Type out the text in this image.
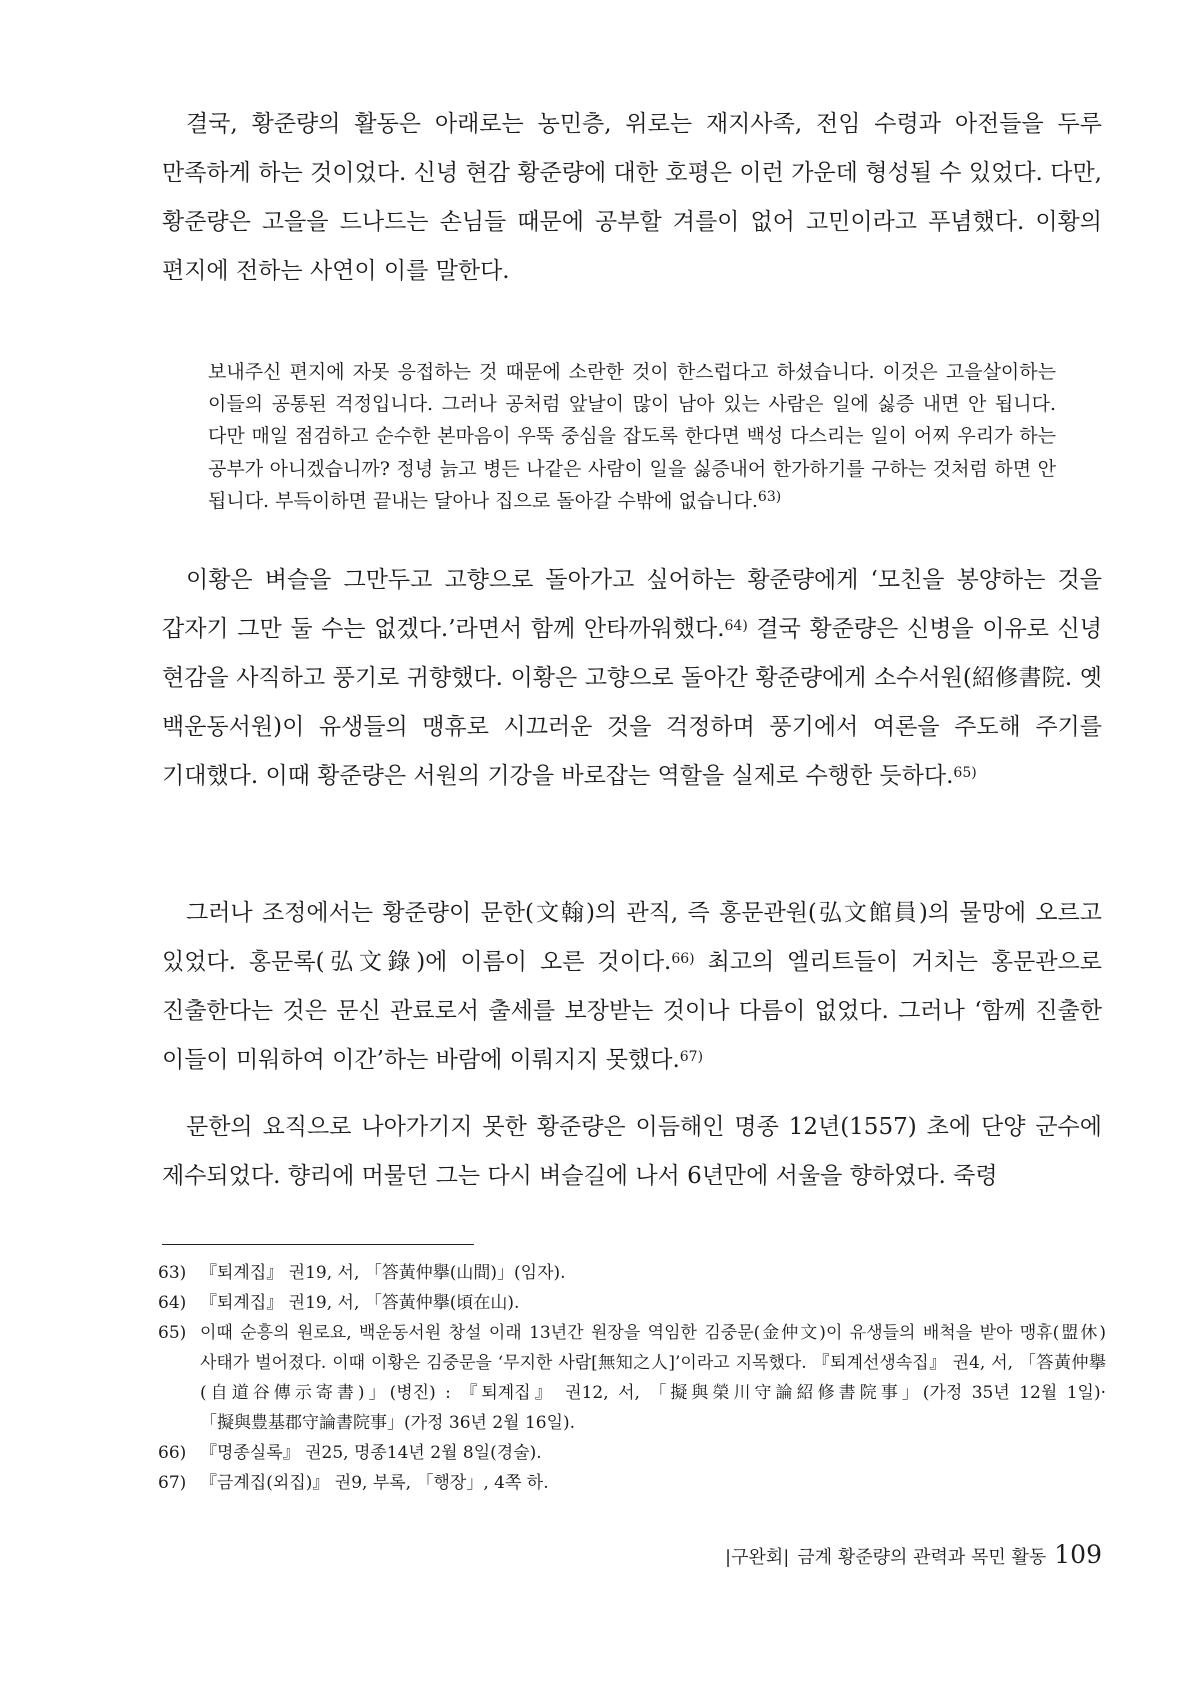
결국, 황준량의 활동은 아래로는 농민층, 위로는 재지사족, 전임 수령과 아전들을 두루 만족하게 하는 것이었다. 신녕 현감 황준량에 대한 호평은 이런 가운데 형성될 수 있었다. 다만, 황준량은 고을을 드나드는 손님들 때문에 공부할 겨를이 없어 고민이라고 푸념했다. 이황의 편지에 전하는 사연이 이를 말한다.

보내주신 편지에 자못 응접하는 것 때문에 소란한 것이 한스럽다고 하셨습니다. 이것은 고을살이하는 이들의 공통된 걱정입니다. 그러나 공처럼 앞날이 많이 남아 있는 사람은 일에 싫증 내면 안 됩니다. 다만 매일 점검하고 순수한 본마음이 우뚝 중심을 잡도록 한다면 백성 다스리는 일이 어찌 우리가 하는 공부가 아니겠습니까? 정녕 늙고 병든 나같은 사람이 일을 싫증내어 한가하기를 구하는 것처럼 하면 안 됩니다. 부득이하면 끝내는 달아나 집으로 돌아갈 수밖에 없습니다.$^{63)}$

이황은 벼슬을 그만두고 고향으로 돌아가고 싶어하는 황준량에게 ‘모친을 봉양하는 것을 갑자기 그만 둘 수는 없겠다.’라면서 함께 안타까워했다.$^{64)}$ 결국 황준량은 신병을 이유로 신녕 현감을 사직하고 풍기로 귀향했다. 이황은 고향으로 돌아간 황준량에게 소수서원(紹修書院. 옛 백운동서원)이 유생들의 맹휴로 시끄러운 것을 걱정하며 풍기에서 여론을 주도해 주기를 기대했다. 이때 황준량은 서원의 기강을 바로잡는 역할을 실제로 수행한 듯하다.$^{65)}$

그러나 조정에서는 황준량이 문한(文翰)의 관직, 즉 홍문관원(弘文館員)의 물망에 오르고 있었다. 홍문록(弘文錄)에 이름이 오른 것이다.$^{66)}$ 최고의 엘리트들이 거치는 홍문관으로 진출한다는 것은 문신 관료로서 출세를 보장받는 것이나 다름이 없었다. 그러나 ‘함께 진출한 이들이 미워하여 이간’하는 바람에 이뤄지지 못했다.$^{67)}$

문한의 요직으로 나아가기지 못한 황준량은 이듬해인 명종 12년(1557) 초에 단양 군수에 제수되었다. 향리에 머물던 그는 다시 벼슬길에 나서 6년만에 서울을 향하였다. 죽령

63) 『퇴계집』 권19, 서, 「答黃仲擧(山間)」(임자).
64) 『퇴계집』 권19, 서, 「答黃仲擧(頃在山).
65) 이때 순흥의 원로요, 백운동서원 창설 이래 13년간 원장을 역임한 김중문(金仲文)이 유생들의 배척을 받아 맹휴(盟休) 사태가 벌어졌다. 이때 이황은 김중문을 ‘무지한 사람[無知之人]’이라고 지목했다. 『퇴계선생속집』 권4, 서, 「答黃仲擧(自道谷傳示寄書)」(병진) : 『퇴계집』 권12, 서, 「擬與榮川守論紹修書院事」(가정 35년 12월 1일)·「擬與豊基郡守論書院事」(가정 36년 2월 16일).
66) 『명종실록』 권25, 명종14년 2월 8일(경술).
67) 『금계집(외집)』 권9, 부록, 「행장」, 4쪽 하.
|구완회| 금계 황준량의 관력과 목민 활동 109
